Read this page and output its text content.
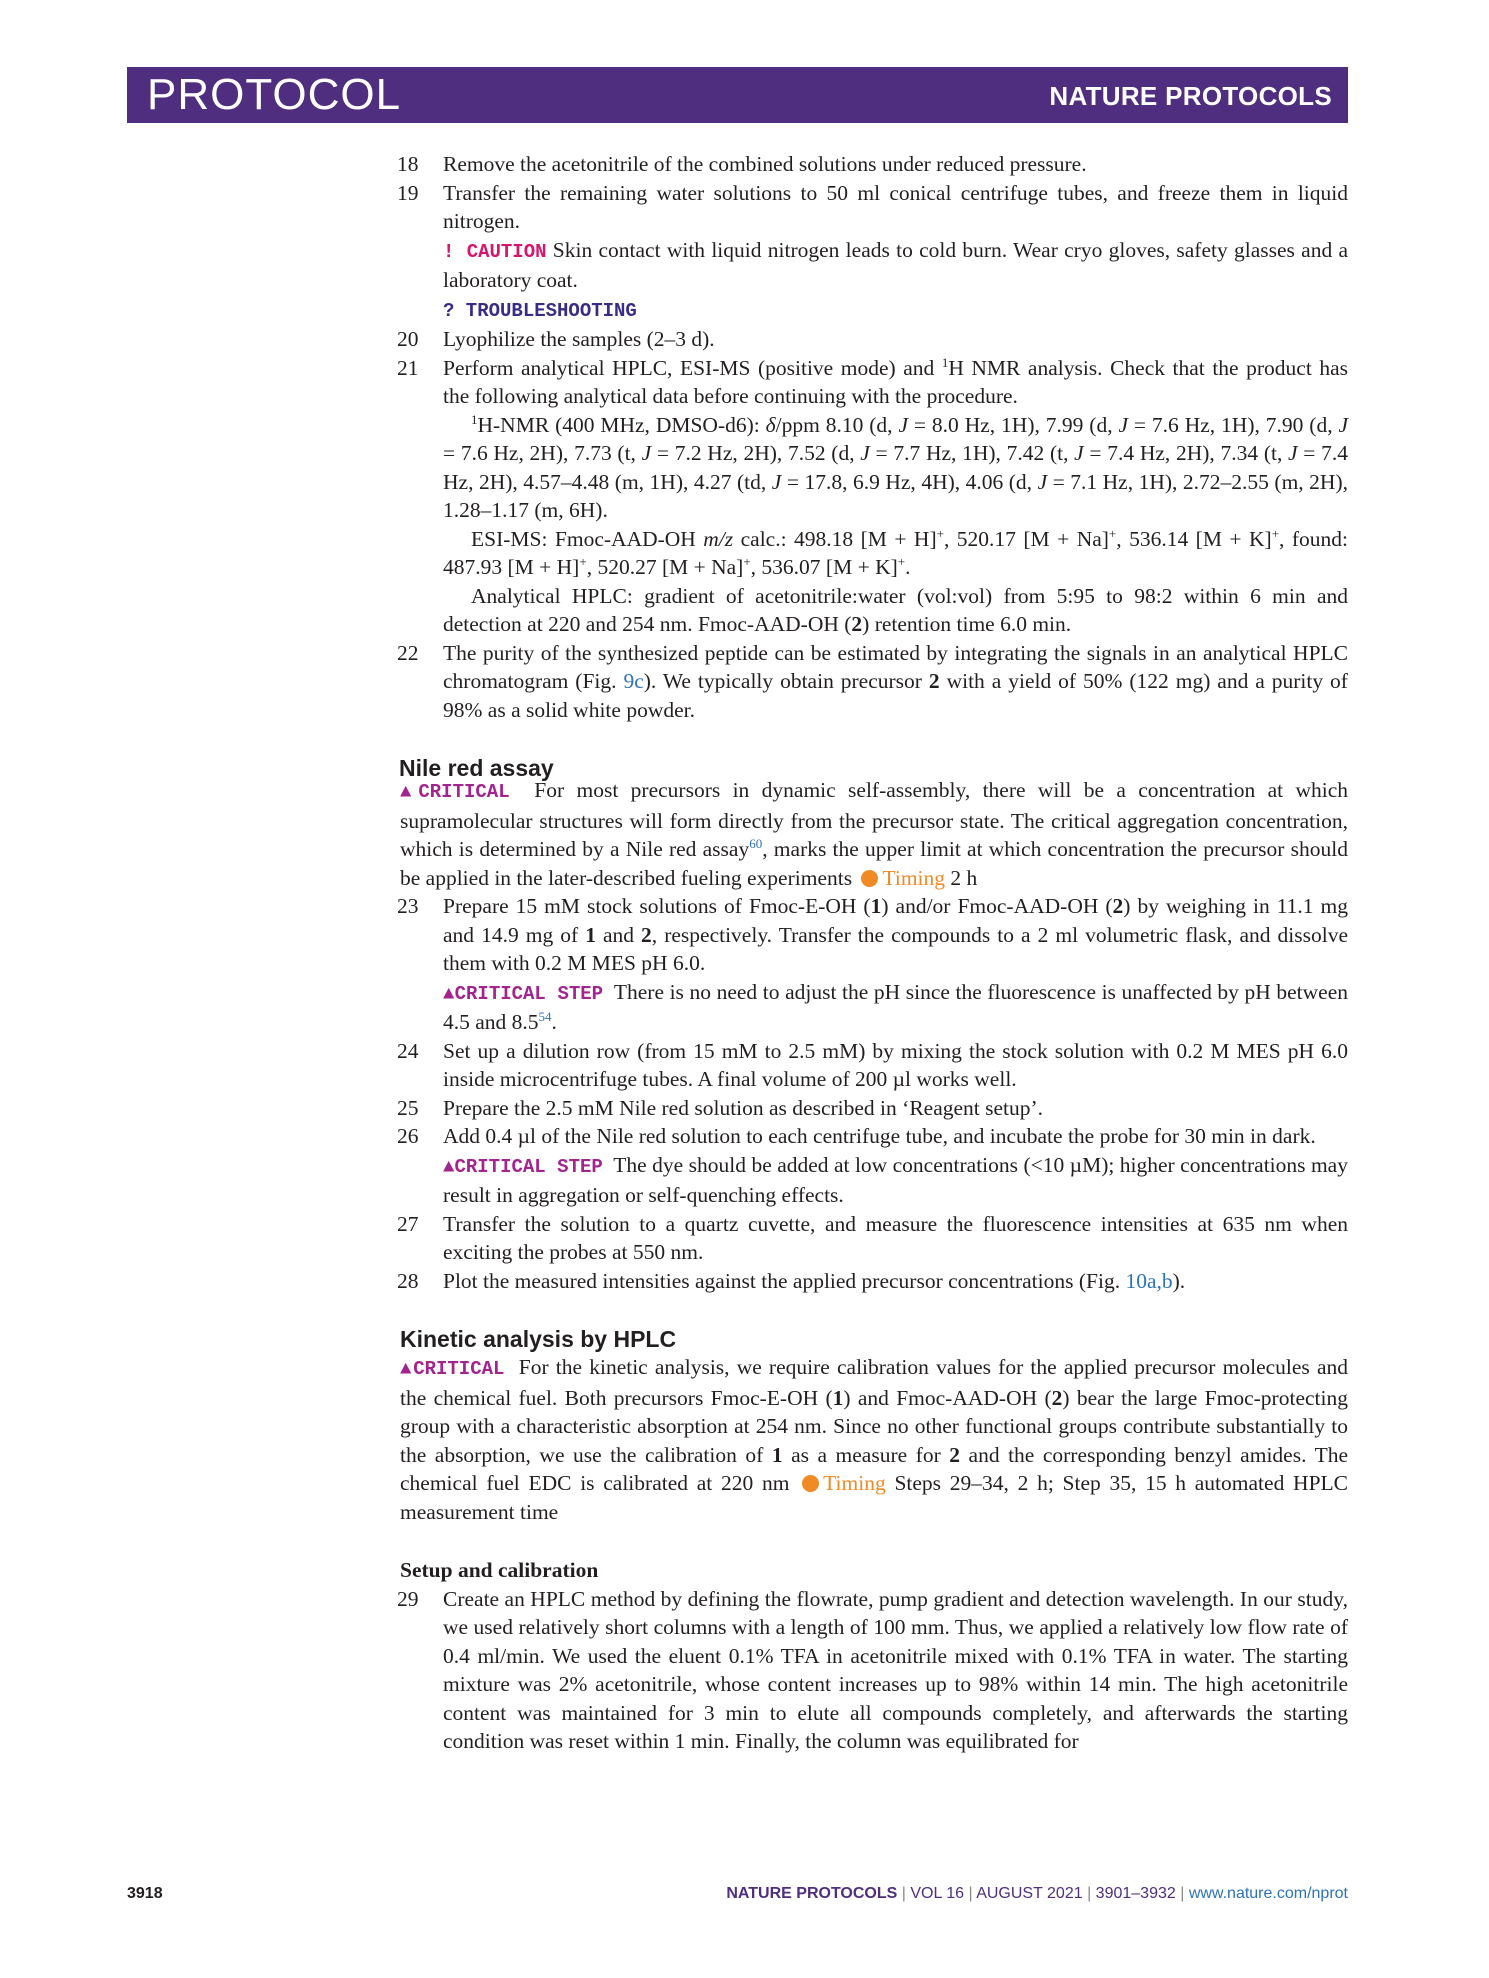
PROTOCOL	NATURE PROTOCOLS
18 Remove the acetonitrile of the combined solutions under reduced pressure.
19 Transfer the remaining water solutions to 50 ml conical centrifuge tubes, and freeze them in liquid nitrogen.
! CAUTION Skin contact with liquid nitrogen leads to cold burn. Wear cryo gloves, safety glasses and a laboratory coat.
? TROUBLESHOOTING
20 Lyophilize the samples (2–3 d).
21 Perform analytical HPLC, ESI-MS (positive mode) and $^1$H NMR analysis. Check that the product has the following analytical data before continuing with the procedure.
$^1$H-NMR (400 MHz, DMSO-d6): δ/ppm 8.10 (d, J = 8.0 Hz, 1H), 7.99 (d, J = 7.6 Hz, 1H), 7.90 (d, J = 7.6 Hz, 2H), 7.73 (t, J = 7.2 Hz, 2H), 7.52 (d, J = 7.7 Hz, 1H), 7.42 (t, J = 7.4 Hz, 2H), 7.34 (t, J = 7.4 Hz, 2H), 4.57–4.48 (m, 1H), 4.27 (td, J = 17.8, 6.9 Hz, 4H), 4.06 (d, J = 7.1 Hz, 1H), 2.72–2.55 (m, 2H), 1.28–1.17 (m, 6H).
ESI-MS: Fmoc-AAD-OH m/z calc.: 498.18 [M + H]+, 520.17 [M + Na]+, 536.14 [M + K]+, found: 487.93 [M + H]+, 520.27 [M + Na]+, 536.07 [M + K]+.
Analytical HPLC: gradient of acetonitrile:water (vol:vol) from 5:95 to 98:2 within 6 min and detection at 220 and 254 nm. Fmoc-AAD-OH (2) retention time 6.0 min.
22 The purity of the synthesized peptide can be estimated by integrating the signals in an analytical HPLC chromatogram (Fig. 9c). We typically obtain precursor 2 with a yield of 50% (122 mg) and a purity of 98% as a solid white powder.
Nile red assay
▲CRITICAL For most precursors in dynamic self-assembly, there will be a concentration at which supramolecular structures will form directly from the precursor state. The critical aggregation concentration, which is determined by a Nile red assay$^{60}$, marks the upper limit at which concentration the precursor should be applied in the later-described fueling experiments Timing 2 h
23 Prepare 15 mM stock solutions of Fmoc-E-OH (1) and/or Fmoc-AAD-OH (2) by weighing in 11.1 mg and 14.9 mg of 1 and 2, respectively. Transfer the compounds to a 2 ml volumetric flask, and dissolve them with 0.2 M MES pH 6.0.
▲CRITICAL STEP There is no need to adjust the pH since the fluorescence is unaffected by pH between 4.5 and $8.5^{54}$.
24 Set up a dilution row (from 15 mM to 2.5 mM) by mixing the stock solution with 0.2 M MES pH 6.0 inside microcentrifuge tubes. A final volume of 200 µl works well.
25 Prepare the 2.5 mM Nile red solution as described in ‘Reagent setup’.
26 Add 0.4 µl of the Nile red solution to each centrifuge tube, and incubate the probe for 30 min in dark.
▲CRITICAL STEP The dye should be added at low concentrations (<10 µM); higher concentrations may result in aggregation or self-quenching effects.
27 Transfer the solution to a quartz cuvette, and measure the fluorescence intensities at 635 nm when exciting the probes at 550 nm.
28 Plot the measured intensities against the applied precursor concentrations (Fig. 10a,b).
Kinetic analysis by HPLC
▲CRITICAL  For the kinetic analysis, we require calibration values for the applied precursor molecules and the chemical fuel. Both precursors Fmoc-E-OH (1) and Fmoc-AAD-OH (2) bear the large Fmoc-protecting group with a characteristic absorption at 254 nm. Since no other functional groups contribute substantially to the absorption, we use the calibration of 1 as a measure for 2 and the corresponding benzyl amides. The chemical fuel EDC is calibrated at 220 nm Timing Steps 29–34, 2 h; Step 35, 15 h automated HPLC measurement time
Setup and calibration
29 Create an HPLC method by defining the flowrate, pump gradient and detection wavelength. In our study, we used relatively short columns with a length of 100 mm. Thus, we applied a relatively low flow rate of 0.4 ml/min. We used the eluent 0.1% TFA in acetonitrile mixed with 0.1% TFA in water. The starting mixture was 2% acetonitrile, whose content increases up to 98% within 14 min. The high acetonitrile content was maintained for 3 min to elute all compounds completely, and afterwards the starting condition was reset within 1 min. Finally, the column was equilibrated for
3918	NATURE PROTOCOLS | VOL 16 | AUGUST 2021 | 3901–3932 | www.nature.com/nprot
